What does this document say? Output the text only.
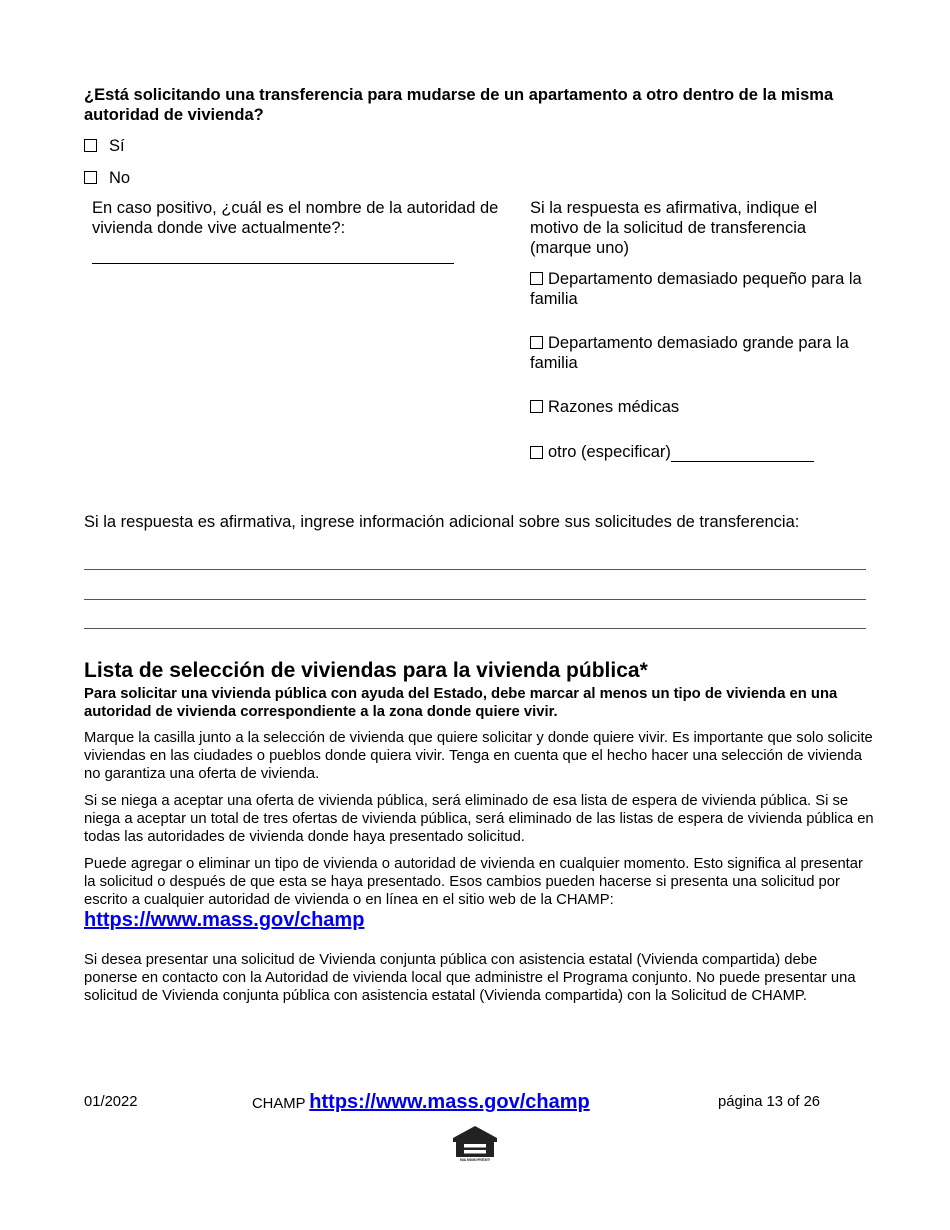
¿Está solicitando una transferencia para mudarse de un apartamento a otro dentro de la misma autoridad de vivienda?
Sí
No
En caso positivo, ¿cuál es el nombre de la autoridad de vivienda donde vive actualmente?:
Si la respuesta es afirmativa, indique el motivo de la solicitud de transferencia (marque uno)
Departamento demasiado pequeño para la familia
Departamento demasiado grande para la familia
Razones médicas
otro (especificar)
Si la respuesta es afirmativa, ingrese información adicional sobre sus solicitudes de transferencia:
Lista de selección de viviendas para la vivienda pública*
Para solicitar una vivienda pública con ayuda del Estado, debe marcar al menos un tipo de vivienda en una autoridad de vivienda correspondiente a la zona donde quiere vivir.
Marque la casilla junto a la selección de vivienda que quiere solicitar y donde quiere vivir. Es importante que solo solicite viviendas en las ciudades o pueblos donde quiera vivir. Tenga en cuenta que el hecho hacer una selección de vivienda no garantiza una oferta de vivienda.
Si se niega a aceptar una oferta de vivienda pública, será eliminado de esa lista de espera de vivienda pública. Si se niega a aceptar un total de tres ofertas de vivienda pública, será eliminado de las listas de espera de vivienda pública en todas las autoridades de vivienda donde haya presentado solicitud.
Puede agregar o eliminar un tipo de vivienda o autoridad de vivienda en cualquier momento. Esto significa al presentar la solicitud o después de que esta se haya presentado. Esos cambios pueden hacerse si presenta una solicitud por escrito a cualquier autoridad de vivienda o en línea en el sitio web de la CHAMP:
https://www.mass.gov/champ
Si desea presentar una solicitud de Vivienda conjunta pública con asistencia estatal (Vivienda compartida) debe ponerse en contacto con la Autoridad de vivienda local que administre el Programa conjunto. No puede presentar una solicitud de Vivienda conjunta pública con asistencia estatal (Vivienda compartida) con la Solicitud de CHAMP.
01/2022	CHAMP https://www.mass.gov/champ	página 13 of 26
EQUAL HOUSING OPPORTUNITY
